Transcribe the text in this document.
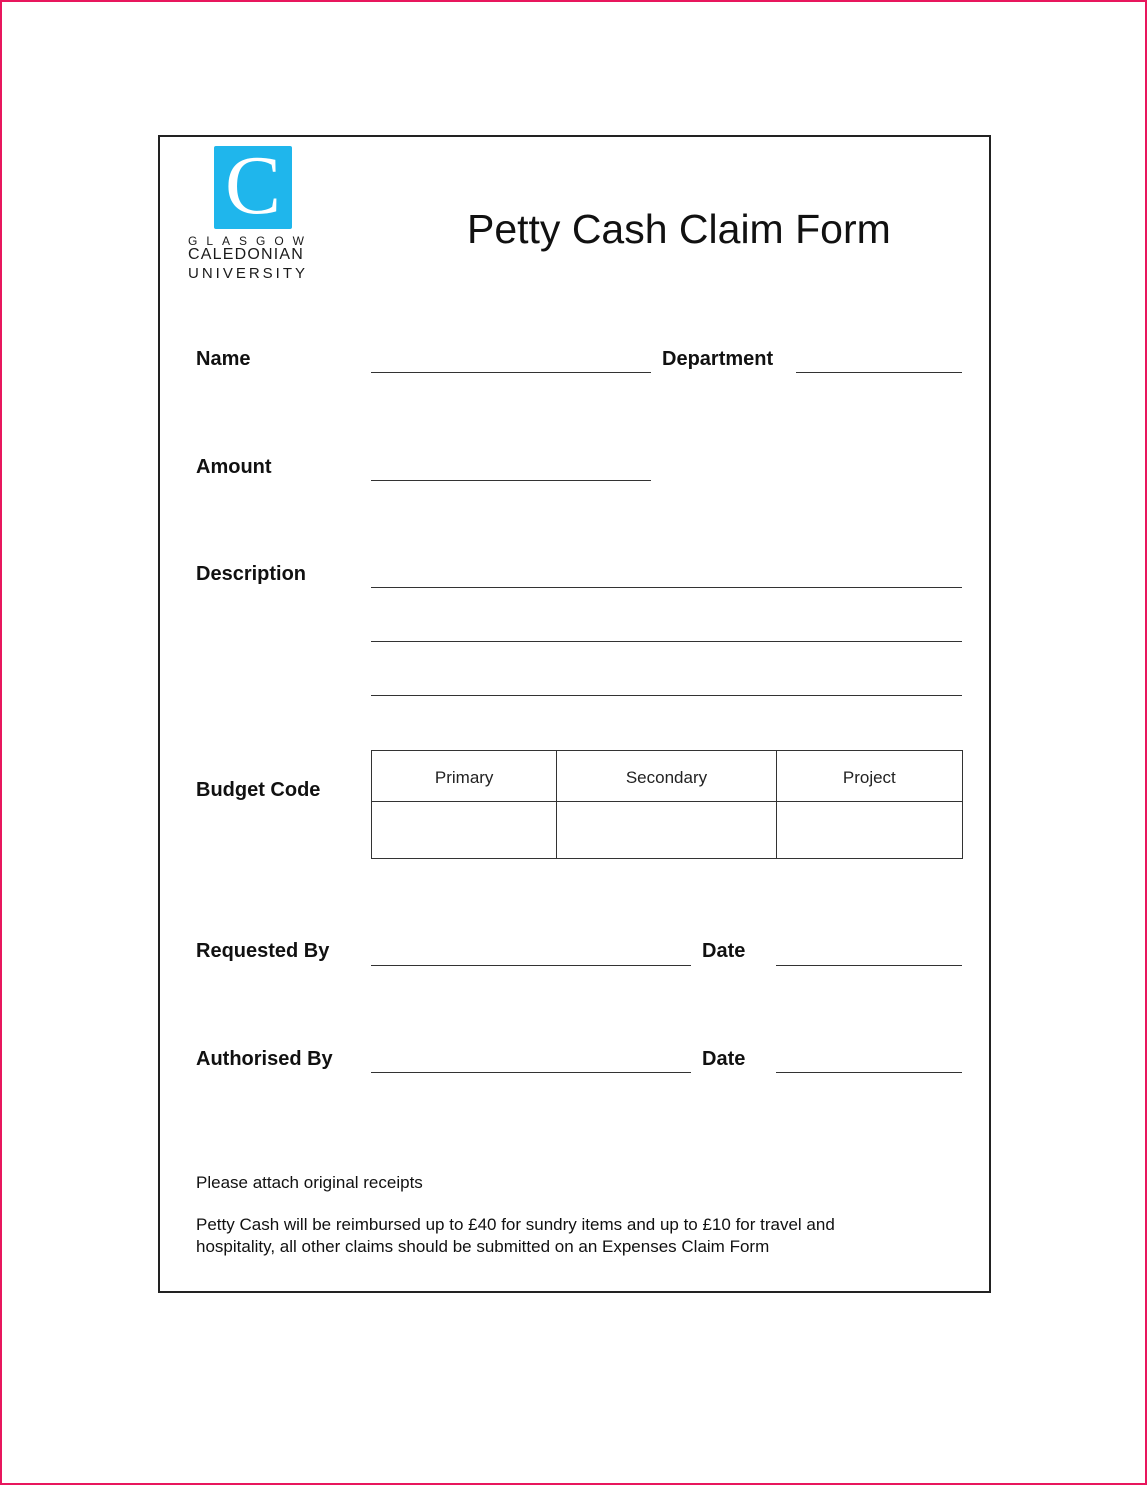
C
GLASGOW
CALEDONIAN
UNIVERSITY
Petty Cash Claim Form
Name	Department
Amount
Description
Budget Code
Primary	Secondary	Project

Requested By	Date
Authorised By	Date
Please attach original receipts
Petty Cash will be reimbursed up to £40 for sundry items and up to £10 for travel and
hospitality, all other claims should be submitted on an Expenses Claim Form
